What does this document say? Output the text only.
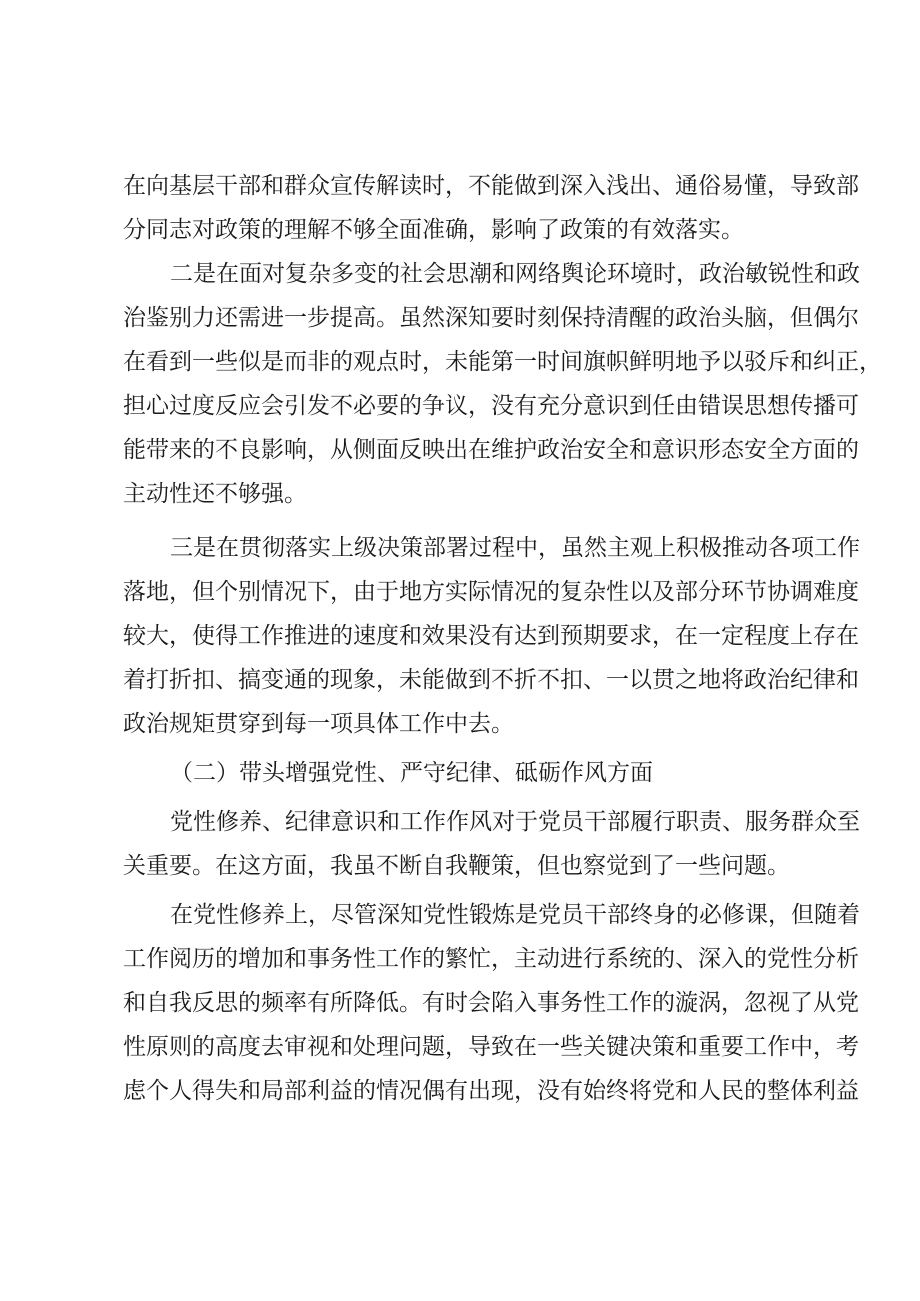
在向基层干部和群众宣传解读时，不能做到深入浅出、通俗易懂，导致部
分同志对政策的理解不够全面准确，影响了政策的有效落实。
二是在面对复杂多变的社会思潮和网络舆论环境时，政治敏锐性和政
治鉴别力还需进一步提高。虽然深知要时刻保持清醒的政治头脑，但偶尔
在看到一些似是而非的观点时，未能第一时间旗帜鲜明地予以驳斥和纠正，
担心过度反应会引发不必要的争议，没有充分意识到任由错误思想传播可
能带来的不良影响，从侧面反映出在维护政治安全和意识形态安全方面的
主动性还不够强。
三是在贯彻落实上级决策部署过程中，虽然主观上积极推动各项工作
落地，但个别情况下，由于地方实际情况的复杂性以及部分环节协调难度
较大，使得工作推进的速度和效果没有达到预期要求，在一定程度上存在
着打折扣、搞变通的现象，未能做到不折不扣、一以贯之地将政治纪律和
政治规矩贯穿到每一项具体工作中去。
（二）带头增强党性、严守纪律、砥砺作风方面
党性修养、纪律意识和工作作风对于党员干部履行职责、服务群众至
关重要。在这方面，我虽不断自我鞭策，但也察觉到了一些问题。
在党性修养上，尽管深知党性锻炼是党员干部终身的必修课，但随着
工作阅历的增加和事务性工作的繁忙，主动进行系统的、深入的党性分析
和自我反思的频率有所降低。有时会陷入事务性工作的漩涡，忽视了从党
性原则的高度去审视和处理问题，导致在一些关键决策和重要工作中，考
虑个人得失和局部利益的情况偶有出现，没有始终将党和人民的整体利益
